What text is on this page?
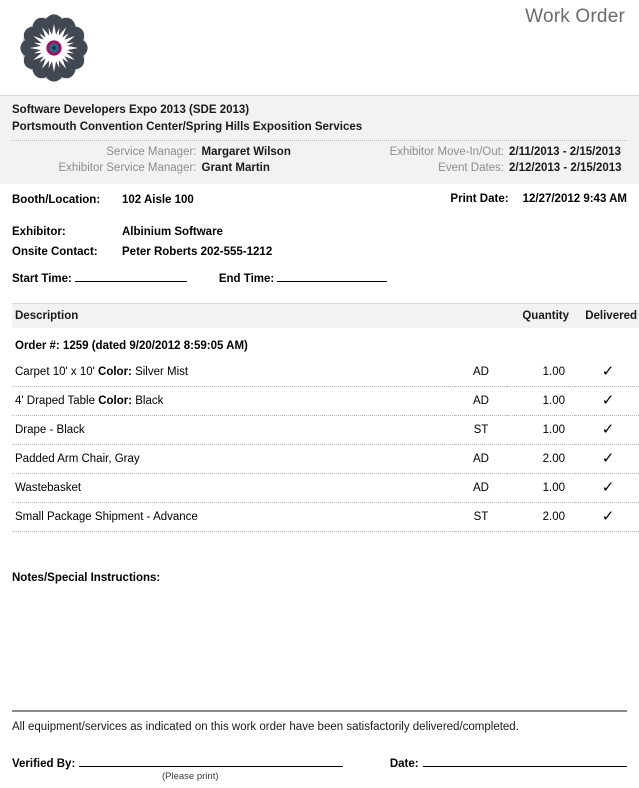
Work Order
Software Developers Expo 2013 (SDE 2013)
Portsmouth Convention Center/Spring Hills Exposition Services
Service Manager: Margaret Wilson
Exhibitor Service Manager: Grant Martin
Exhibitor Move-In/Out: 2/11/2013 - 2/15/2013
Event Dates: 2/12/2013 - 2/15/2013
Print Date: 12/27/2012 9:43 AM
Booth/Location:	102 Aisle 100
Exhibitor:	Albinium Software
Onsite Contact:	Peter Roberts 202-555-1212
Start Time:	End Time:
Description		Quantity	Delivered
Order #: 1259 (dated 9/20/2012 8:59:05 AM)			
Carpet 10' x 10' Color: Silver Mist	AD	1.00	✓
4' Draped Table Color: Black	AD	1.00	✓
Drape - Black	ST	1.00	✓
Padded Arm Chair, Gray	AD	2.00	✓
Wastebasket	AD	1.00	✓
Small Package Shipment - Advance	ST	2.00	✓
Notes/Special Instructions:
All equipment/services as indicated on this work order have been satisfactorily delivered/completed.
Verified By:	Date:
(Please print)
